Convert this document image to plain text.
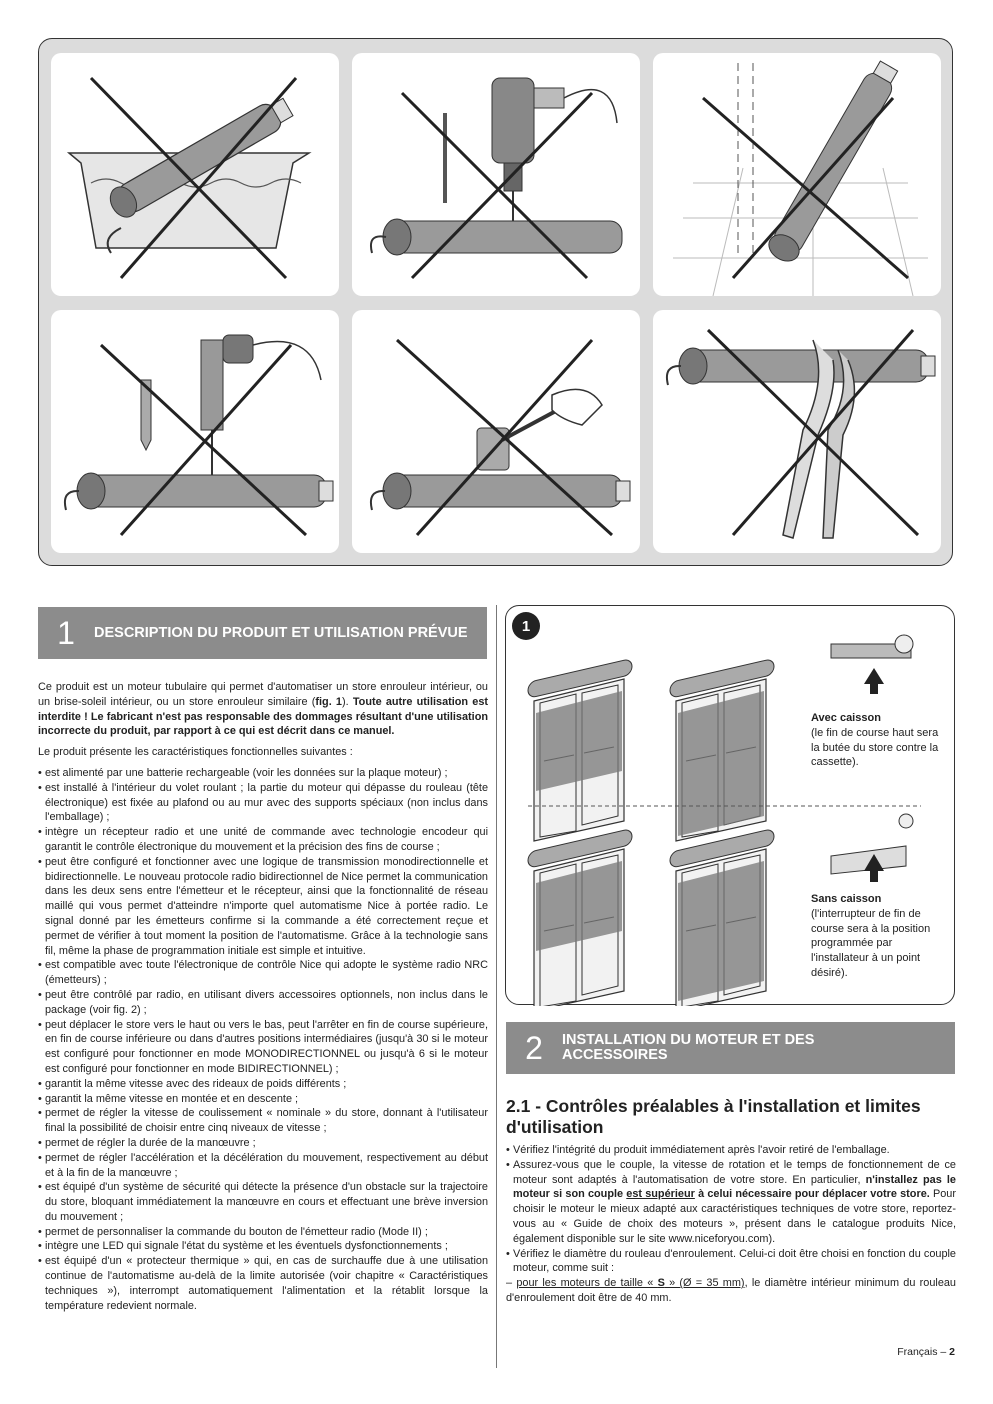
1	DESCRIPTION DU PRODUIT ET UTILISATION PRÉVUE

Ce produit est un moteur tubulaire qui permet d'automatiser un store enrouleur intérieur, ou un brise-soleil intérieur, ou un store enrouleur similaire (fig. 1). Toute autre utilisation est interdite ! Le fabricant n'est pas responsable des dommages résultant d'une utilisation incorrecte du produit, par rapport à ce qui est décrit dans ce manuel.

Le produit présente les caractéristiques fonctionnelles suivantes :

• est alimenté par une batterie rechargeable (voir les données sur la plaque moteur) ;
• est installé à l'intérieur du volet roulant ; la partie du moteur qui dépasse du rouleau (tête électronique) est fixée au plafond ou au mur avec des supports spéciaux (non inclus dans l'emballage) ;
• intègre un récepteur radio et une unité de commande avec technologie encodeur qui garantit le contrôle électronique du mouvement et la précision des fins de course ;
• peut être configuré et fonctionner avec une logique de transmission monodirectionnelle et bidirectionnelle. Le nouveau protocole radio bidirectionnel de Nice permet la communication dans les deux sens entre l'émetteur et le récepteur, ainsi que la fonctionnalité de réseau maillé qui vous permet d'atteindre n'importe quel automatisme Nice à portée radio. Le signal donné par les émetteurs confirme si la commande a été correctement reçue et permet de vérifier à tout moment la position de l'automatisme. Grâce à la technologie sans fil, même la phase de programmation initiale est simple et intuitive.
• est compatible avec toute l'électronique de contrôle Nice qui adopte le système radio NRC (émetteurs) ;
• peut être contrôlé par radio, en utilisant divers accessoires optionnels, non inclus dans le package (voir fig. 2) ;
• peut déplacer le store vers le haut ou vers le bas, peut l'arrêter en fin de course supérieure, en fin de course inférieure ou dans d'autres positions intermédiaires (jusqu'à 30 si le moteur est configuré pour fonctionner en mode MONODIRECTIONNEL ou jusqu'à 6 si le moteur est configuré pour fonctionner en mode BIDIRECTIONNEL) ;
• garantit la même vitesse avec des rideaux de poids différents ;
• garantit la même vitesse en montée et en descente ;
• permet de régler la vitesse de coulissement « nominale » du store, donnant à l'utilisateur final la possibilité de choisir entre cinq niveaux de vitesse ;
• permet de régler la durée de la manœuvre ;
• permet de régler l'accélération et la décélération du mouvement, respectivement au début et à la fin de la manœuvre ;
• est équipé d'un système de sécurité qui détecte la présence d'un obstacle sur la trajectoire du store, bloquant immédiatement la manœuvre en cours et effectuant une brève inversion du mouvement ;
• permet de personnaliser la commande du bouton de l'émetteur radio (Mode II) ;
• intègre une LED qui signale l'état du système et les éventuels dysfonctionnements ;
• est équipé d'un « protecteur thermique » qui, en cas de surchauffe due à une utilisation continue de l'automatisme au-delà de la limite autorisée (voir chapitre « Caractéristiques techniques »), interrompt automatiquement l'alimentation et la rétablit lorsque la température redevient normale.
1
Avec caisson
(le fin de course haut sera la butée du store contre la cassette).
Sans caisson
(l'interrupteur de fin de course sera à la position programmée par l'installateur à un point désiré).
2	INSTALLATION DU MOTEUR ET DES ACCESSOIRES
2.1 - Contrôles préalables à l'installation et limites d'utilisation
• Vérifiez l'intégrité du produit immédiatement après l'avoir retiré de l'emballage.
• Assurez-vous que le couple, la vitesse de rotation et le temps de fonctionnement de ce moteur sont adaptés à l'automatisation de votre store. En particulier, n'installez pas le moteur si son couple est supérieur à celui nécessaire pour déplacer votre store. Pour choisir le moteur le mieux adapté aux caractéristiques techniques de votre store, reportez-vous au « Guide de choix des moteurs », présent dans le catalogue produits Nice, également disponible sur le site www.niceforyou.com).
• Vérifiez le diamètre du rouleau d'enroulement. Celui-ci doit être choisi en fonction du couple moteur, comme suit :
– pour les moteurs de taille « S » (Ø = 35 mm), le diamètre intérieur minimum du rouleau d'enroulement doit être de 40 mm.
Français – 2
